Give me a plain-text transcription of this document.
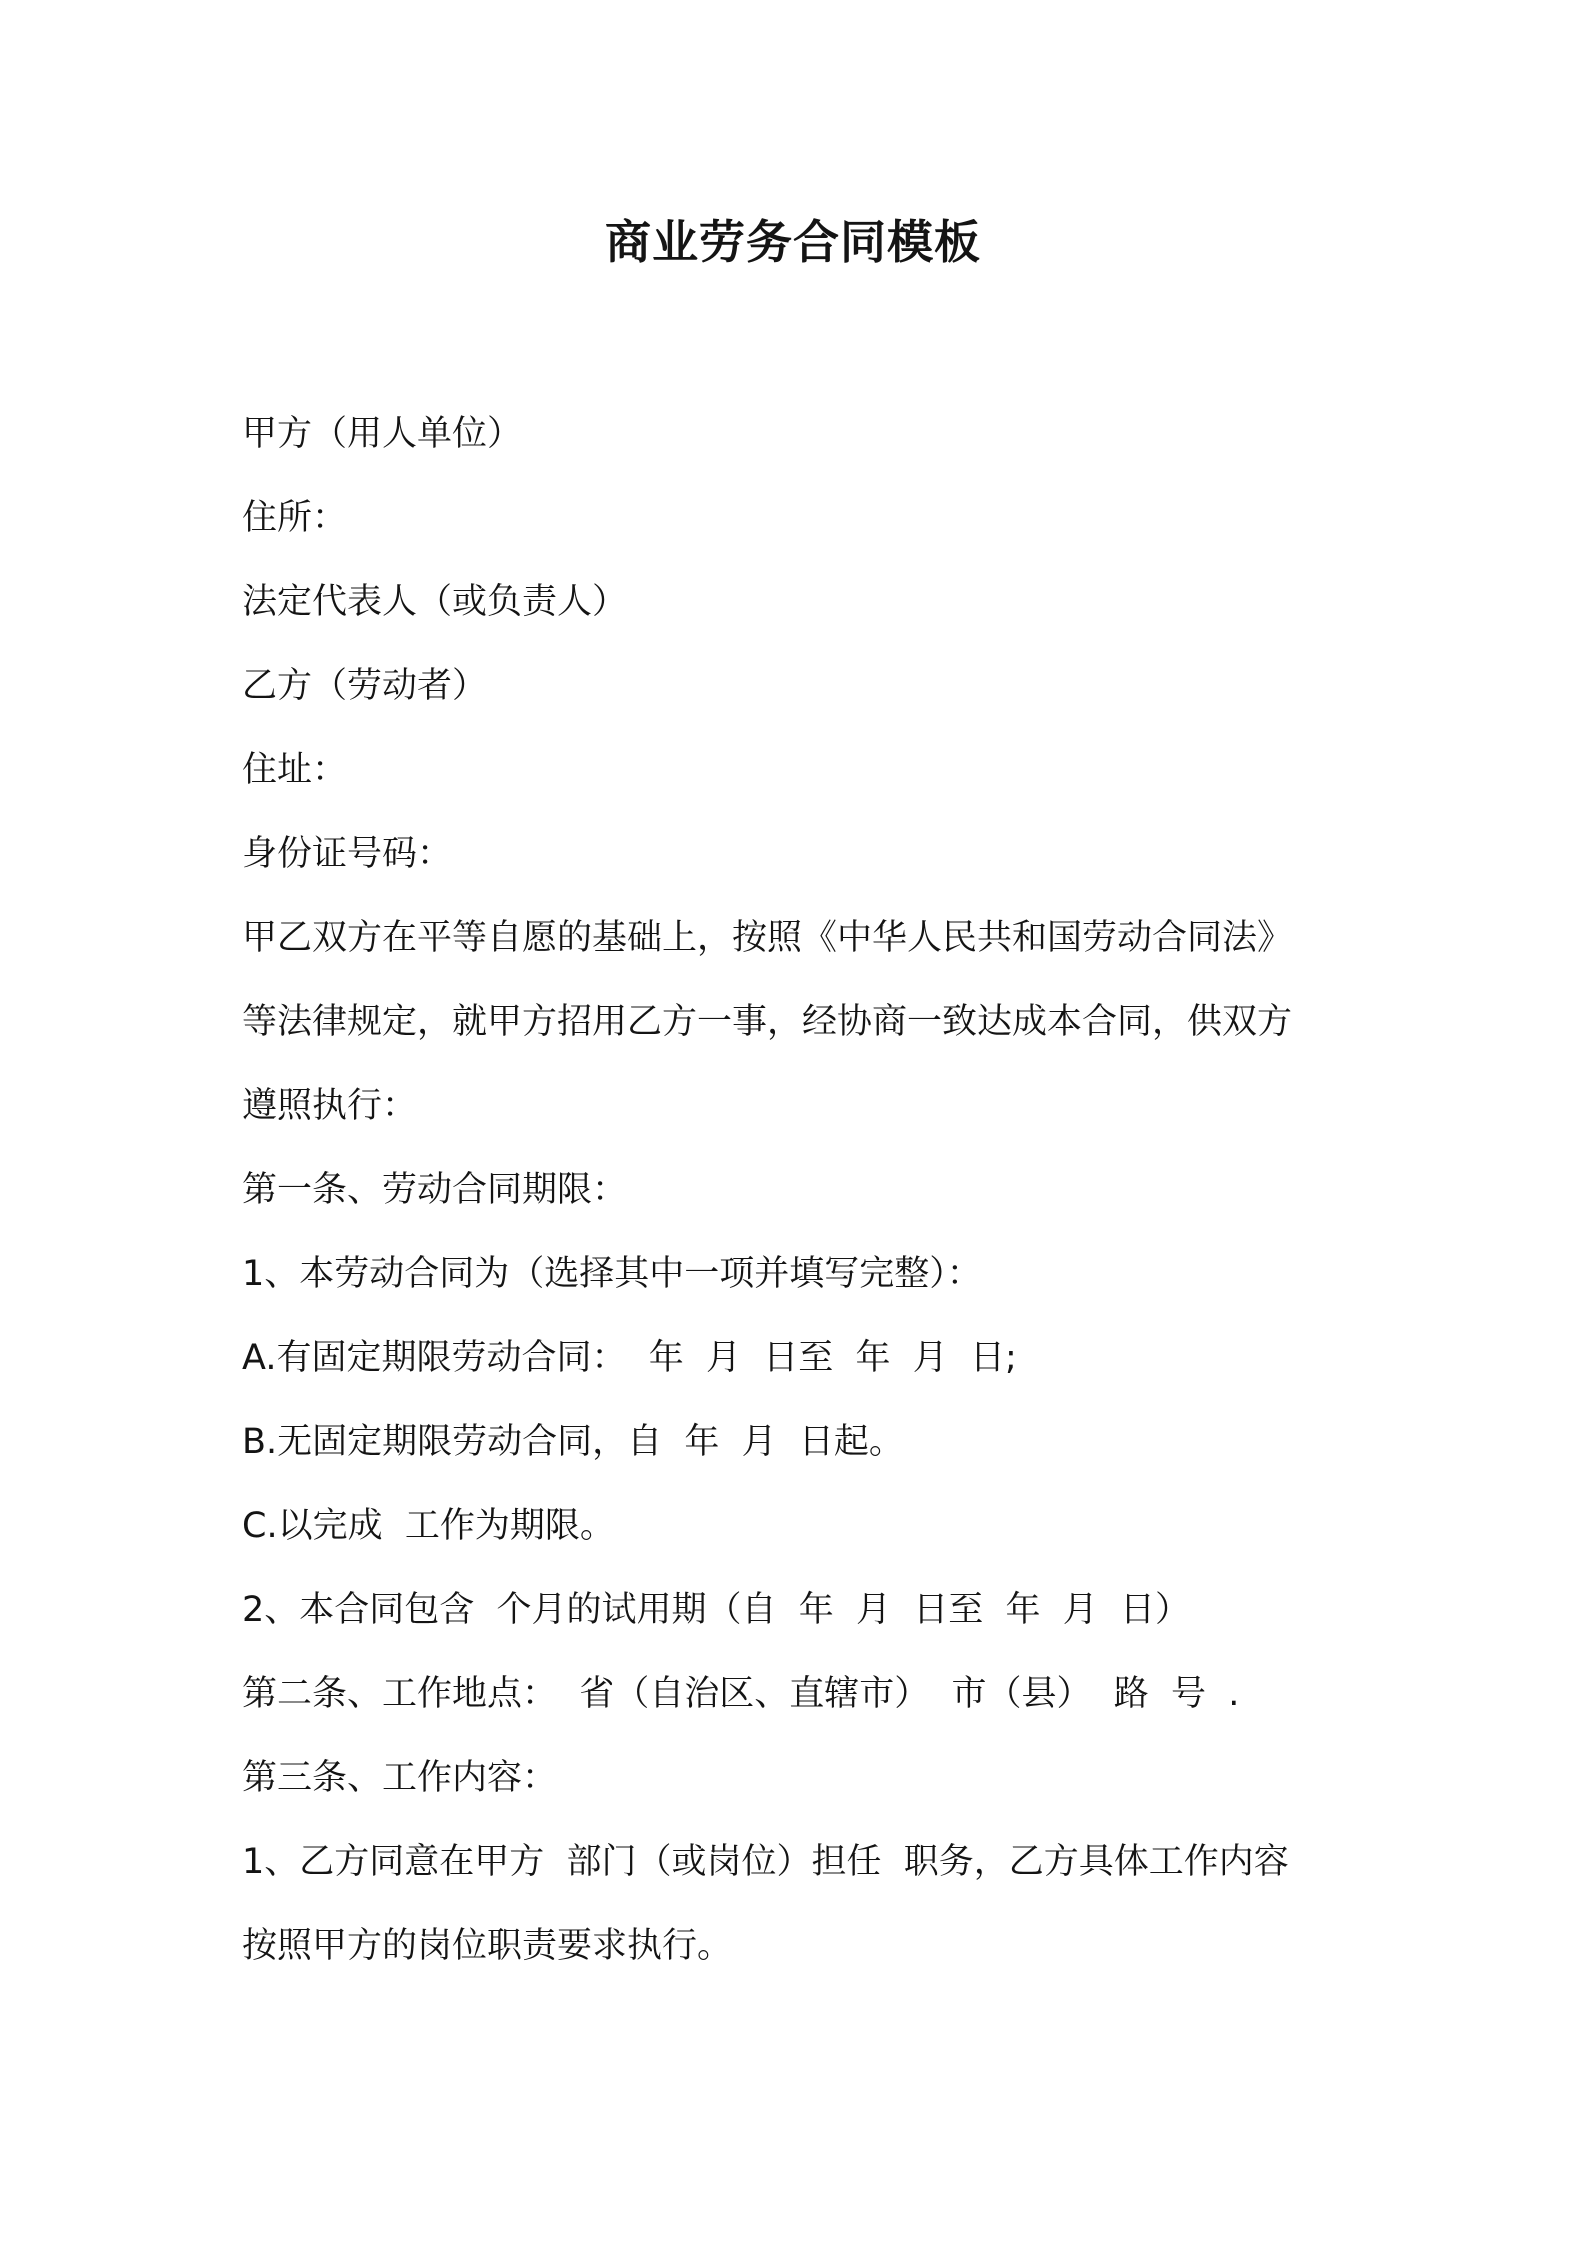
商业劳务合同模板
甲方（用人单位）
住所：
法定代表人（或负责人）
乙方（劳动者）
住址：
身份证号码：
甲乙双方在平等自愿的基础上，按照《中华人民共和国劳动合同法》
等法律规定，就甲方招用乙方一事，经协商一致达成本合同，供双方
遵照执行：
第一条、劳动合同期限：
1、本劳动合同为（选择其中一项并填写完整）：
A.有固定期限劳动合同：  年  月  日至  年  月  日;
B.无固定期限劳动合同，自  年  月  日起。
C.以完成  工作为期限。
2、本合同包含  个月的试用期（自  年  月  日至  年  月  日）
第二条、工作地点：  省（自治区、直辖市）  市（县）  路  号  .
第三条、工作内容：
1、乙方同意在甲方  部门（或岗位）担任  职务，乙方具体工作内容
按照甲方的岗位职责要求执行。
